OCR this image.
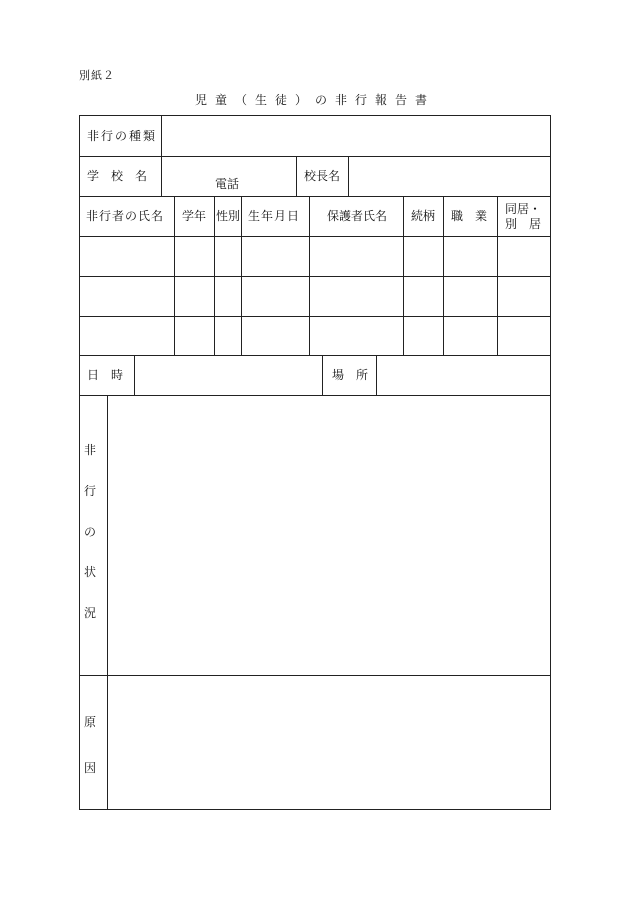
別紙２
児童（生徒）の非行報告書
非行の種類
学　校　名
電話
校長名
非行者の氏名 学年 性別 生年月日 保護者氏名 続柄 職　業 同居・
別　居
日　時	場　所
非
行
の
状
況
原
因
